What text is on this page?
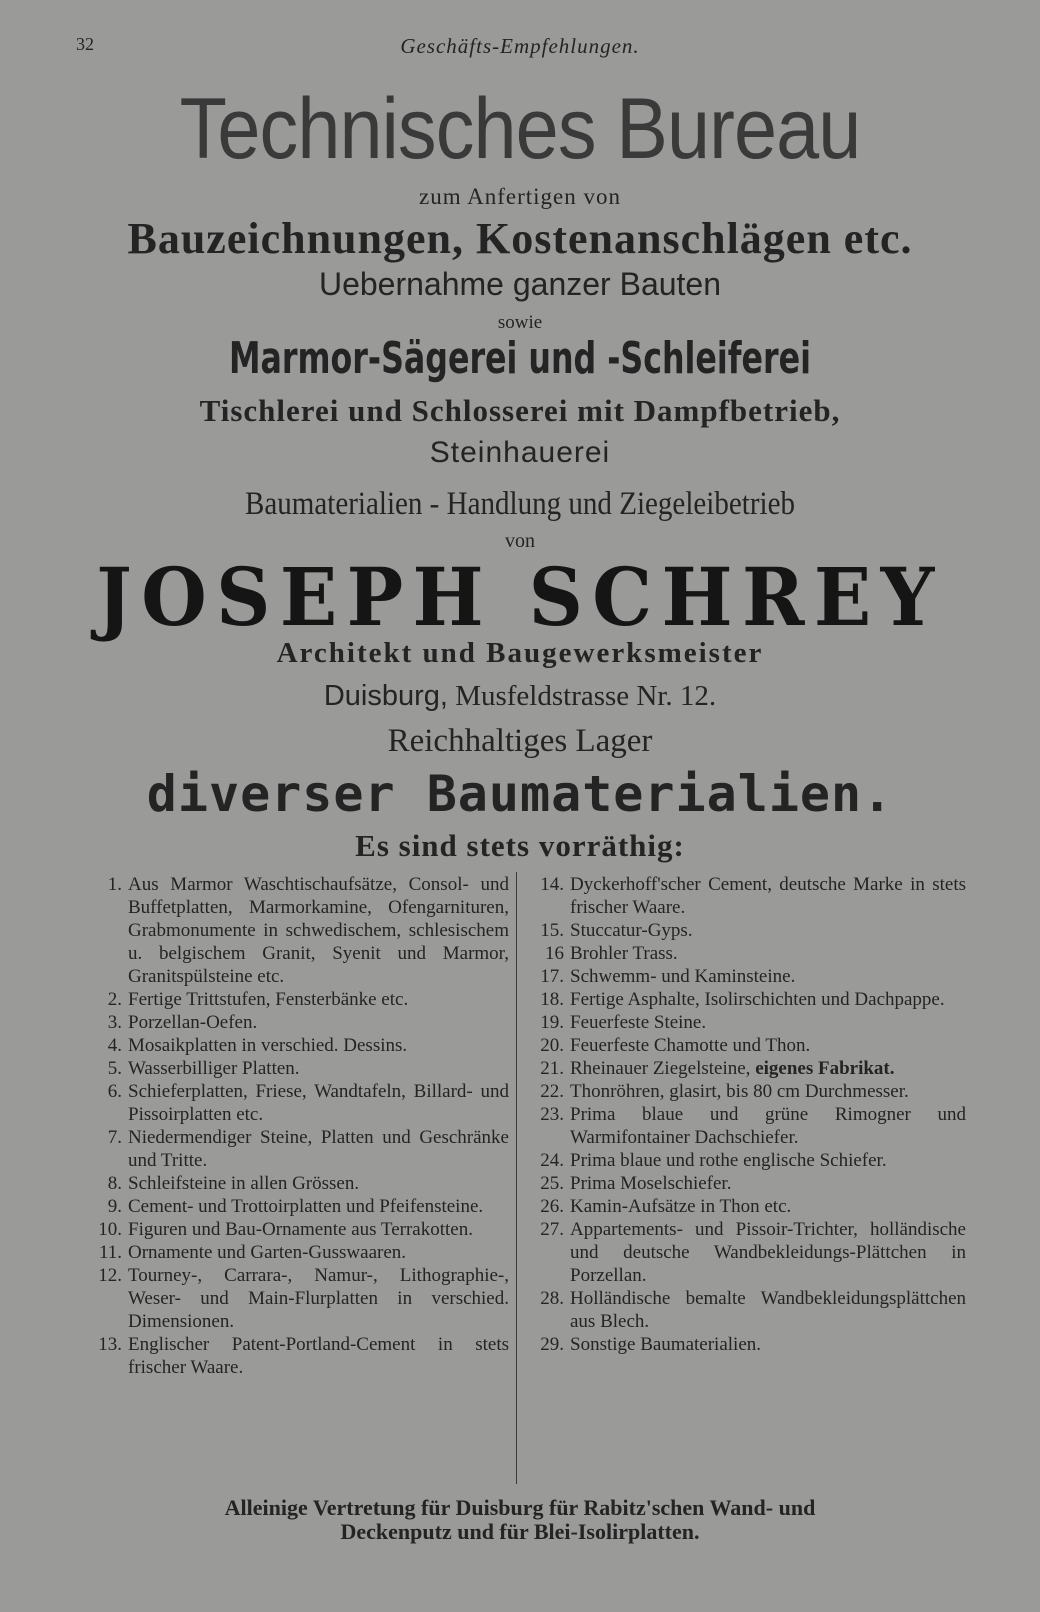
32	Geschäfts-Empfehlungen.
Technisches Bureau
zum Anfertigen von
Bauzeichnungen, Kostenanschlägen etc.
Uebernahme ganzer Bauten
sowie
Marmor-Sägerei und -Schleiferei
Tischlerei und Schlosserei mit Dampfbetrieb,
Steinhauerei
Baumaterialien - Handlung und Ziegeleibetrieb
von
JOSEPH SCHREY
Architekt und Baugewerksmeister
Duisburg, Musfeldstrasse Nr. 12.
Reichhaltiges Lager
diverser Baumaterialien.
Es sind stets vorräthig:
1. Aus Marmor Waschtischaufsätze, Consol- und Buffetplatten, Marmorkamine, Ofengarnituren, Grabmonumente in schwedischem, schlesischem u. belgischem Granit, Syenit und Marmor, Granitspülsteine etc.
2. Fertige Trittstufen, Fensterbänke etc.
3. Porzellan-Oefen.
4. Mosaikplatten in verschied. Dessins.
5. Wasserbilliger Platten.
6. Schieferplatten, Friese, Wandtafeln, Billard- und Pissoirplatten etc.
7. Niedermendiger Steine, Platten und Geschränke und Tritte.
8. Schleifsteine in allen Grössen.
9. Cement- und Trottoirplatten und Pfeifensteine.
10. Figuren und Bau-Ornamente aus Terrakotten.
11. Ornamente und Garten-Gusswaaren.
12. Tourney-, Carrara-, Namur-, Lithographie-, Weser- und Main-Flurplatten in verschied. Dimensionen.
13. Englischer Patent-Portland-Cement in stets frischer Waare.
14. Dyckerhoff'scher Cement, deutsche Marke in stets frischer Waare.
15. Stuccatur-Gyps.
16 Brohler Trass.
17. Schwemm- und Kaminsteine.
18. Fertige Asphalte, Isolirschichten und Dachpappe.
19. Feuerfeste Steine.
20. Feuerfeste Chamotte und Thon.
21. Rheinauer Ziegelsteine, eigenes Fabrikat.
22. Thonröhren, glasirt, bis 80 cm Durchmesser.
23. Prima blaue und grüne Rimogner und Warmifontainer Dachschiefer.
24. Prima blaue und rothe englische Schiefer.
25. Prima Moselschiefer.
26. Kamin-Aufsätze in Thon etc.
27. Appartements- und Pissoir-Trichter, holländische und deutsche Wandbekleidungs-Plättchen in Porzellan.
28. Holländische bemalte Wandbekleidungsplättchen aus Blech.
29. Sonstige Baumaterialien.
Alleinige Vertretung für Duisburg für Rabitz'schen Wand- und
Deckenputz und für Blei-Isolirplatten.
